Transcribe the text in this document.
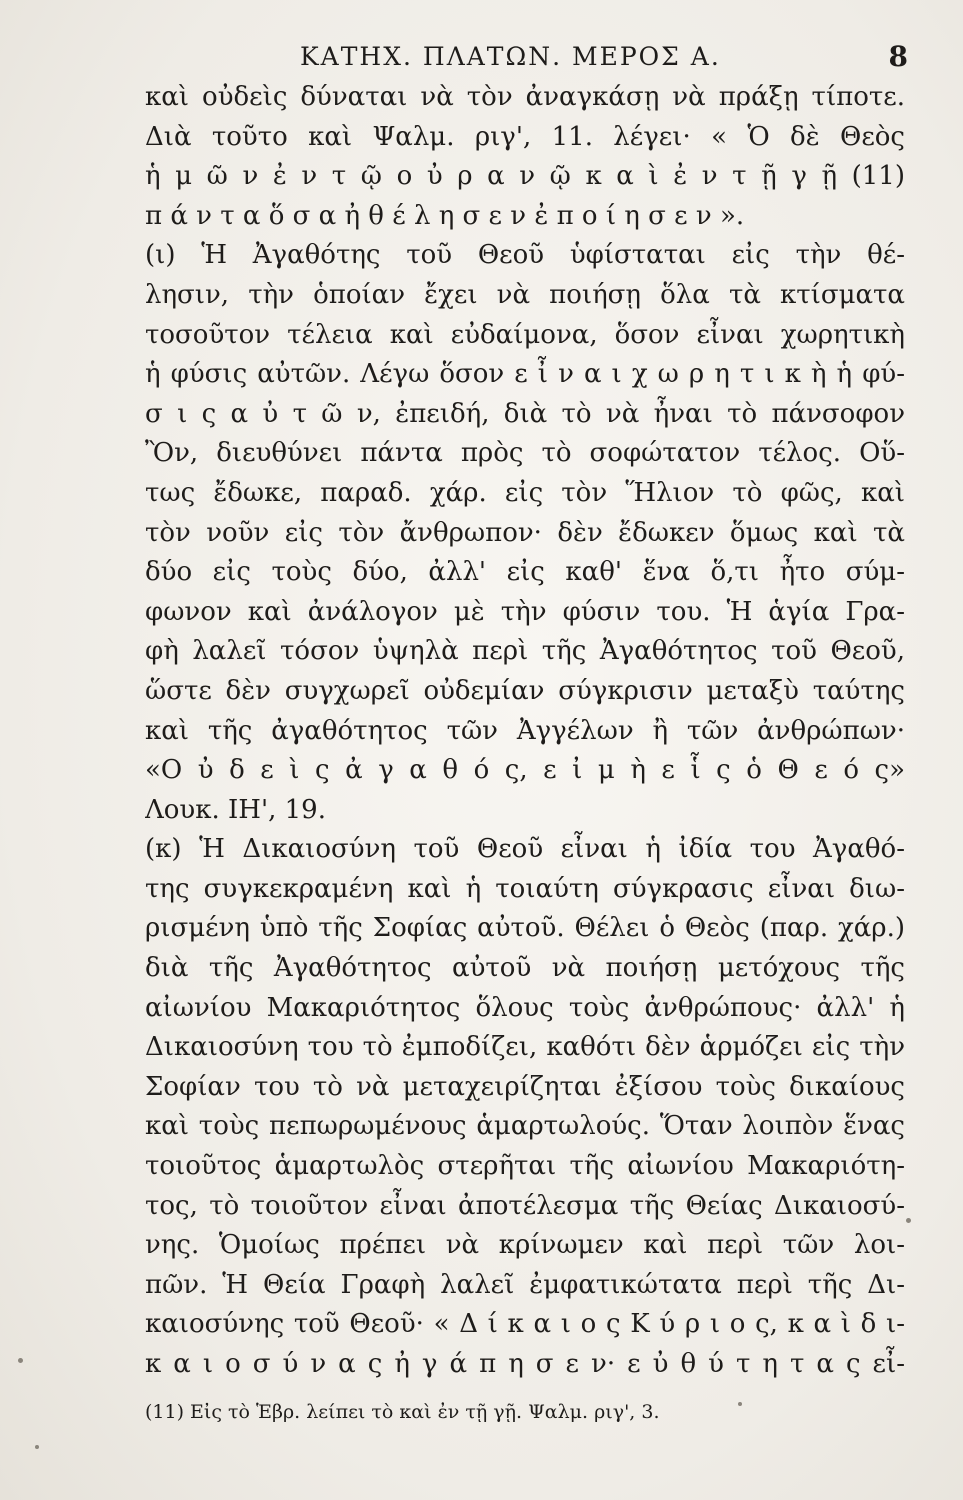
ΚΑΤΗΧ. ΠΛΑΤΩΝ. ΜΕΡΟΣ Α.	8
καὶ οὐδεὶς δύναται νὰ τὸν ἀναγκάσῃ νὰ πράξῃ τίποτε.
Διὰ τοῦτο καὶ Ψαλμ. ριγ', 11. λέγει· « Ὁ δὲ Θεὸς
ἡ μ ῶ ν ἐ ν τ ῷ ο ὐ ρ α ν ῷ κ α ὶ ἐ ν τ ῇ γ ῇ (11)
π ά ν τ α ὅ σ α ἠ θ έ λ η σ ε ν ἐ π ο ί η σ ε ν ».
(ι) Ἡ Ἀγαθότης τοῦ Θεοῦ ὑφίσταται εἰς τὴν θέ-
λησιν, τὴν ὁποίαν ἔχει νὰ ποιήσῃ ὅλα τὰ κτίσματα
τοσοῦτον τέλεια καὶ εὐδαίμονα, ὅσον εἶναι χωρητικὴ
ἡ φύσις αὐτῶν. Λέγω ὅσον ε ἶ ν α ι χ ω ρ η τ ι κ ὴ ἡ φύ-
σ ι ς α ὐ τ ῶ ν, ἐπειδή, διὰ τὸ νὰ ἦναι τὸ πάνσοφον
Ὂν, διευθύνει πάντα πρὸς τὸ σοφώτατον τέλος. Οὕ-
τως ἔδωκε, παραδ. χάρ. εἰς τὸν Ἥλιον τὸ φῶς, καὶ
τὸν νοῦν εἰς τὸν ἄνθρωπον· δὲν ἔδωκεν ὅμως καὶ τὰ
δύο εἰς τοὺς δύο, ἀλλ' εἰς καθ' ἕνα ὅ,τι ἦτο σύμ-
φωνον καὶ ἀνάλογον μὲ τὴν φύσιν του. Ἡ ἁγία Γρα-
φὴ λαλεῖ τόσον ὑψηλὰ περὶ τῆς Ἀγαθότητος τοῦ Θεοῦ,
ὥστε δὲν συγχωρεῖ οὐδεμίαν σύγκρισιν μεταξὺ ταύτης
καὶ τῆς ἀγαθότητος τῶν Ἀγγέλων ἢ τῶν ἀνθρώπων·
«Ο ὐ δ ε ὶ ς ἀ γ α θ ό ς, ε ἰ μ ὴ ε ἷ ς ὁ Θ ε ό ς»
Λουκ. ΙΗ', 19.
(κ) Ἡ Δικαιοσύνη τοῦ Θεοῦ εἶναι ἡ ἰδία του Ἀγαθό-
της συγκεκραμένη καὶ ἡ τοιαύτη σύγκρασις εἶναι διω-
ρισμένη ὑπὸ τῆς Σοφίας αὐτοῦ. Θέλει ὁ Θεὸς (παρ. χάρ.)
διὰ τῆς Ἀγαθότητος αὐτοῦ νὰ ποιήσῃ μετόχους τῆς
αἰωνίου Μακαριότητος ὅλους τοὺς ἀνθρώπους· ἀλλ' ἡ
Δικαιοσύνη του τὸ ἐμποδίζει, καθότι δὲν ἁρμόζει εἰς τὴν
Σοφίαν του τὸ νὰ μεταχειρίζηται ἐξίσου τοὺς δικαίους
καὶ τοὺς πεπωρωμένους ἁμαρτωλούς. Ὅταν λοιπὸν ἕνας
τοιοῦτος ἁμαρτωλὸς στερῆται τῆς αἰωνίου Μακαριότη-
τος, τὸ τοιοῦτον εἶναι ἀποτέλεσμα τῆς Θείας Δικαιοσύ-
νης. Ὁμοίως πρέπει νὰ κρίνωμεν καὶ περὶ τῶν λοι-
πῶν. Ἡ Θεία Γραφὴ λαλεῖ ἐμφατικώτατα περὶ τῆς Δι-
καιοσύνης τοῦ Θεοῦ· « Δ ί κ α ι ο ς Κ ύ ρ ι ο ς, κ α ὶ δ ι-
κ α ι ο σ ύ ν α ς ἠ γ ά π η σ ε ν· ε ὐ θ ύ τ η τ α ς εἶ-
(11) Εἰς τὸ Ἑβρ. λείπει τὸ καὶ ἐν τῇ γῇ. Ψαλμ. ριγ', 3.
